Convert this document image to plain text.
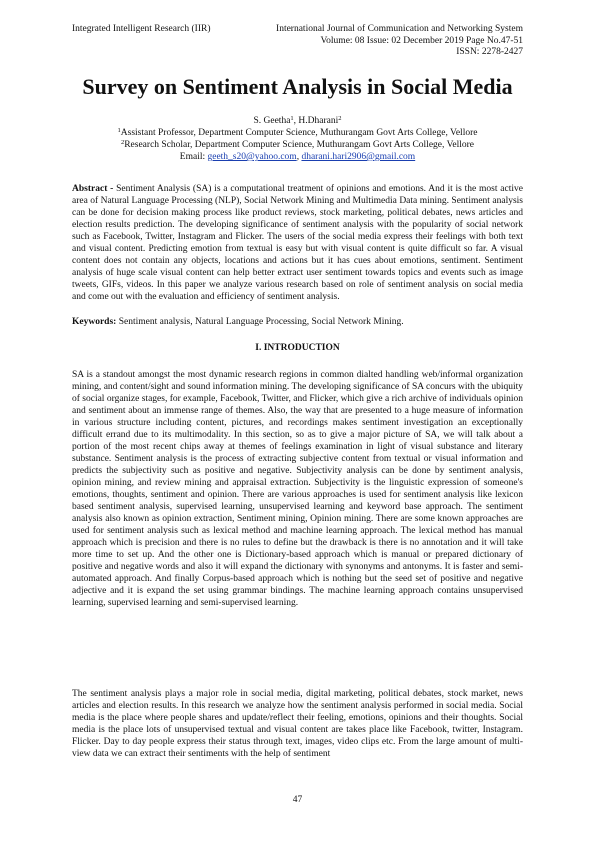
Integrated Intelligent Research (IIR)	International Journal of Communication and Networking System
Volume: 08 Issue: 02 December 2019 Page No.47-51
ISSN: 2278-2427
Survey on Sentiment Analysis in Social Media
S. Geetha$^1$, H.Dharani$^2$
$^1$Assistant Professor, Department Computer Science, Muthurangam Govt Arts College, Vellore
$^2$Research Scholar, Department Computer Science, Muthurangam Govt Arts College, Vellore
Email: geeth_s20@yahoo.com, dharani.hari2906@gmail.com

Abstract - Sentiment Analysis (SA) is a computational treatment of opinions and emotions. And it is the most active area of Natural Language Processing (NLP), Social Network Mining and Multimedia Data mining. Sentiment analysis can be done for decision making process like product reviews, stock marketing, political debates, news articles and election results prediction. The developing significance of sentiment analysis with the popularity of social network such as Facebook, Twitter, Instagram and Flicker. The users of the social media express their feelings with both text and visual content. Predicting emotion from textual is easy but with visual content is quite difficult so far. A visual content does not contain any objects, locations and actions but it has cues about emotions, sentiment. Sentiment analysis of huge scale visual content can help better extract user sentiment towards topics and events such as image tweets, GIFs, videos. In this paper we analyze various research based on role of sentiment analysis on social media and come out with the evaluation and efficiency of sentiment analysis.

Keywords: Sentiment analysis, Natural Language Processing, Social Network Mining.
I. INTRODUCTION

SA is a standout amongst the most dynamic research regions in common dialted handling web/informal organization mining, and content/sight and sound information mining. The developing significance of SA concurs with the ubiquity of social organize stages, for example, Facebook, Twitter, and Flicker, which give a rich archive of individuals opinion and sentiment about an immense range of themes. Also, the way that are presented to a huge measure of information in various structure including content, pictures, and recordings makes sentiment investigation an exceptionally difficult errand due to its multimodality. In this section, so as to give a major picture of SA, we will talk about a portion of the most recent chips away at themes of feelings examination in light of visual substance and literary substance. Sentiment analysis is the process of extracting subjective content from textual or visual information and predicts the subjectivity such as positive and negative. Subjectivity analysis can be done by sentiment analysis, opinion mining, and review mining and appraisal extraction. Subjectivity is the linguistic expression of someone's emotions, thoughts, sentiment and opinion. There are various approaches is used for sentiment analysis like lexicon based sentiment analysis, supervised learning, unsupervised learning and keyword base approach. The sentiment analysis also known as opinion extraction, Sentiment mining, Opinion mining. There are some known approaches are used for sentiment analysis such as lexical method and machine learning approach. The lexical method has manual approach which is precision and there is no rules to define but the drawback is there is no annotation and it will take more time to set up. And the other one is Dictionary-based approach which is manual or prepared dictionary of positive and negative words and also it will expand the dictionary with synonyms and antonyms. It is faster and semi-automated approach. And finally Corpus-based approach which is nothing but the seed set of positive and negative adjective and it is expand the set using grammar bindings. The machine learning approach contains unsupervised learning, supervised learning and semi-supervised learning.

The sentiment analysis plays a major role in social media, digital marketing, political debates, stock market, news articles and election results. In this research we analyze how the sentiment analysis performed in social media. Social media is the place where people shares and update/reflect their feeling, emotions, opinions and their thoughts. Social media is the place lots of unsupervised textual and visual content are takes place like Facebook, twitter, Instagram. Flicker. Day to day people express their status through text, images, video clips etc. From the large amount of multi-view data we can extract their sentiments with the help of sentiment

47
